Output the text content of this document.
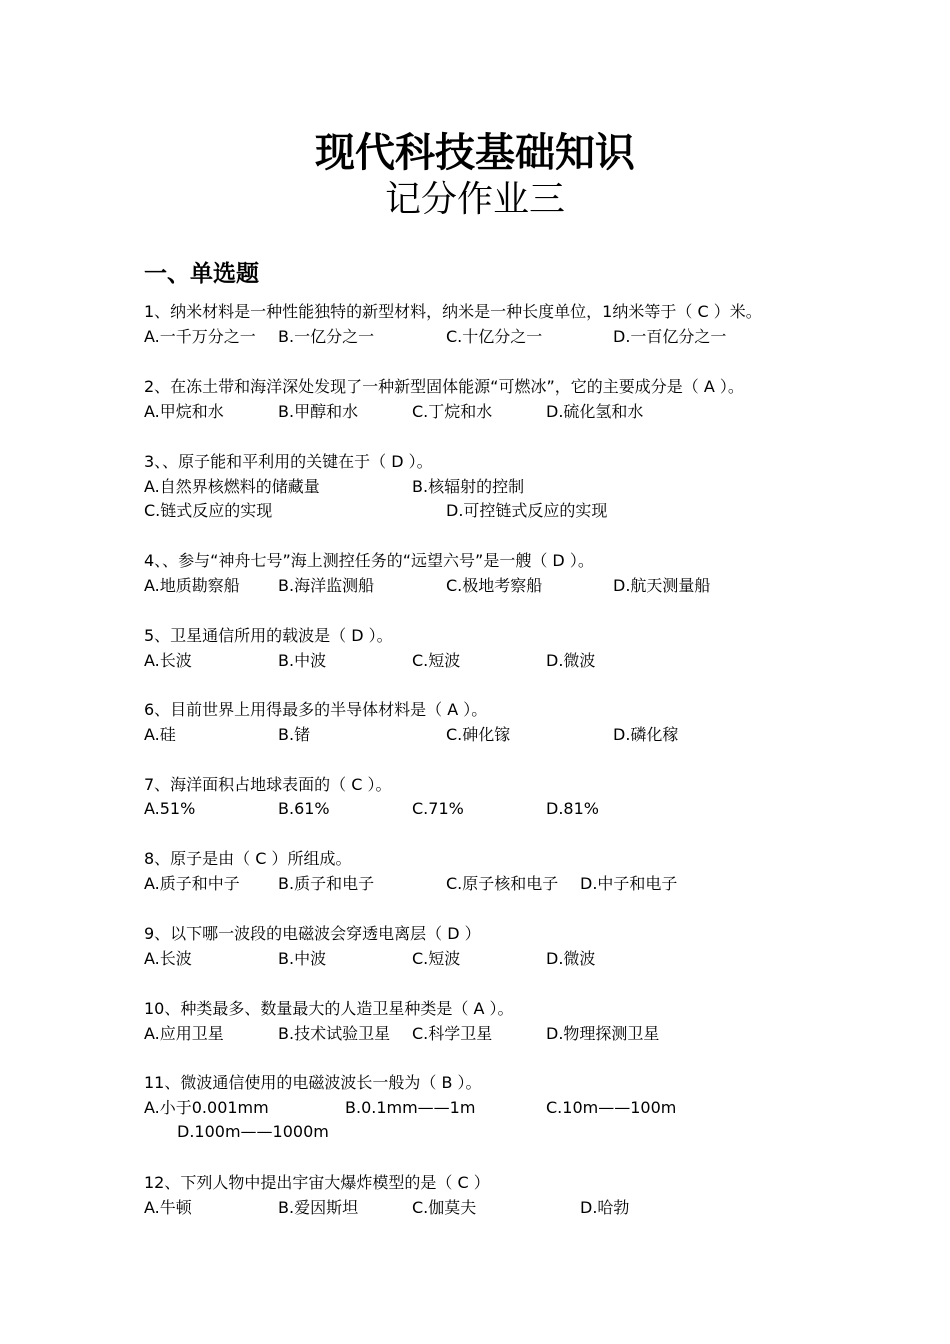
现代科技基础知识
记分作业三
一、单选题
1、纳米材料是一种性能独特的新型材料，纳米是一种长度单位，1纳米等于（ C ）米。
A.一千万分之一 B.一亿分之一	C.十亿分之一	D.一百亿分之一
2、在冻土带和海洋深处发现了一种新型固体能源“可燃冰”，它的主要成分是（ A ）。
A.甲烷和水	B.甲醇和水	C.丁烷和水	D.硫化氢和水
3、、原子能和平利用的关键在于（ D ）。
A.自然界核燃料的储藏量	B.核辐射的控制
C.链式反应的实现	D.可控链式反应的实现
4、、参与“神舟七号”海上测控任务的“远望六号”是一艘（ D ）。
A.地质勘察船 B.海洋监测船	C.极地考察船	D.航天测量船
5、卫星通信所用的载波是（ D ）。
A.长波	B.中波	C.短波	D.微波
6、目前世界上用得最多的半导体材料是（ A ）。
A.硅	B.锗	C.砷化镓	D.磷化稼
7、海洋面积占地球表面的（ C ）。
A.51%	B.61%	C.71%	D.81%
8、原子是由（ C ）所组成。
A.质子和中子 B.质子和电子	C.原子核和电子 D.中子和电子
9、以下哪一波段的电磁波会穿透电离层（ D ）
A.长波	B.中波	C.短波	D.微波
10、种类最多、数量最大的人造卫星种类是（ A ）。
A.应用卫星	B.技术试验卫星 C.科学卫星	D.物理探测卫星
11、微波通信使用的电磁波波长一般为（ B ）。
A.小于0.001mm	B.0.1mm——1m	C.10m——100m
D.100m——1000m
12、下列人物中提出宇宙大爆炸模型的是（ C ）
A.牛顿	B.爱因斯坦	C.伽莫夫	D.哈勃
